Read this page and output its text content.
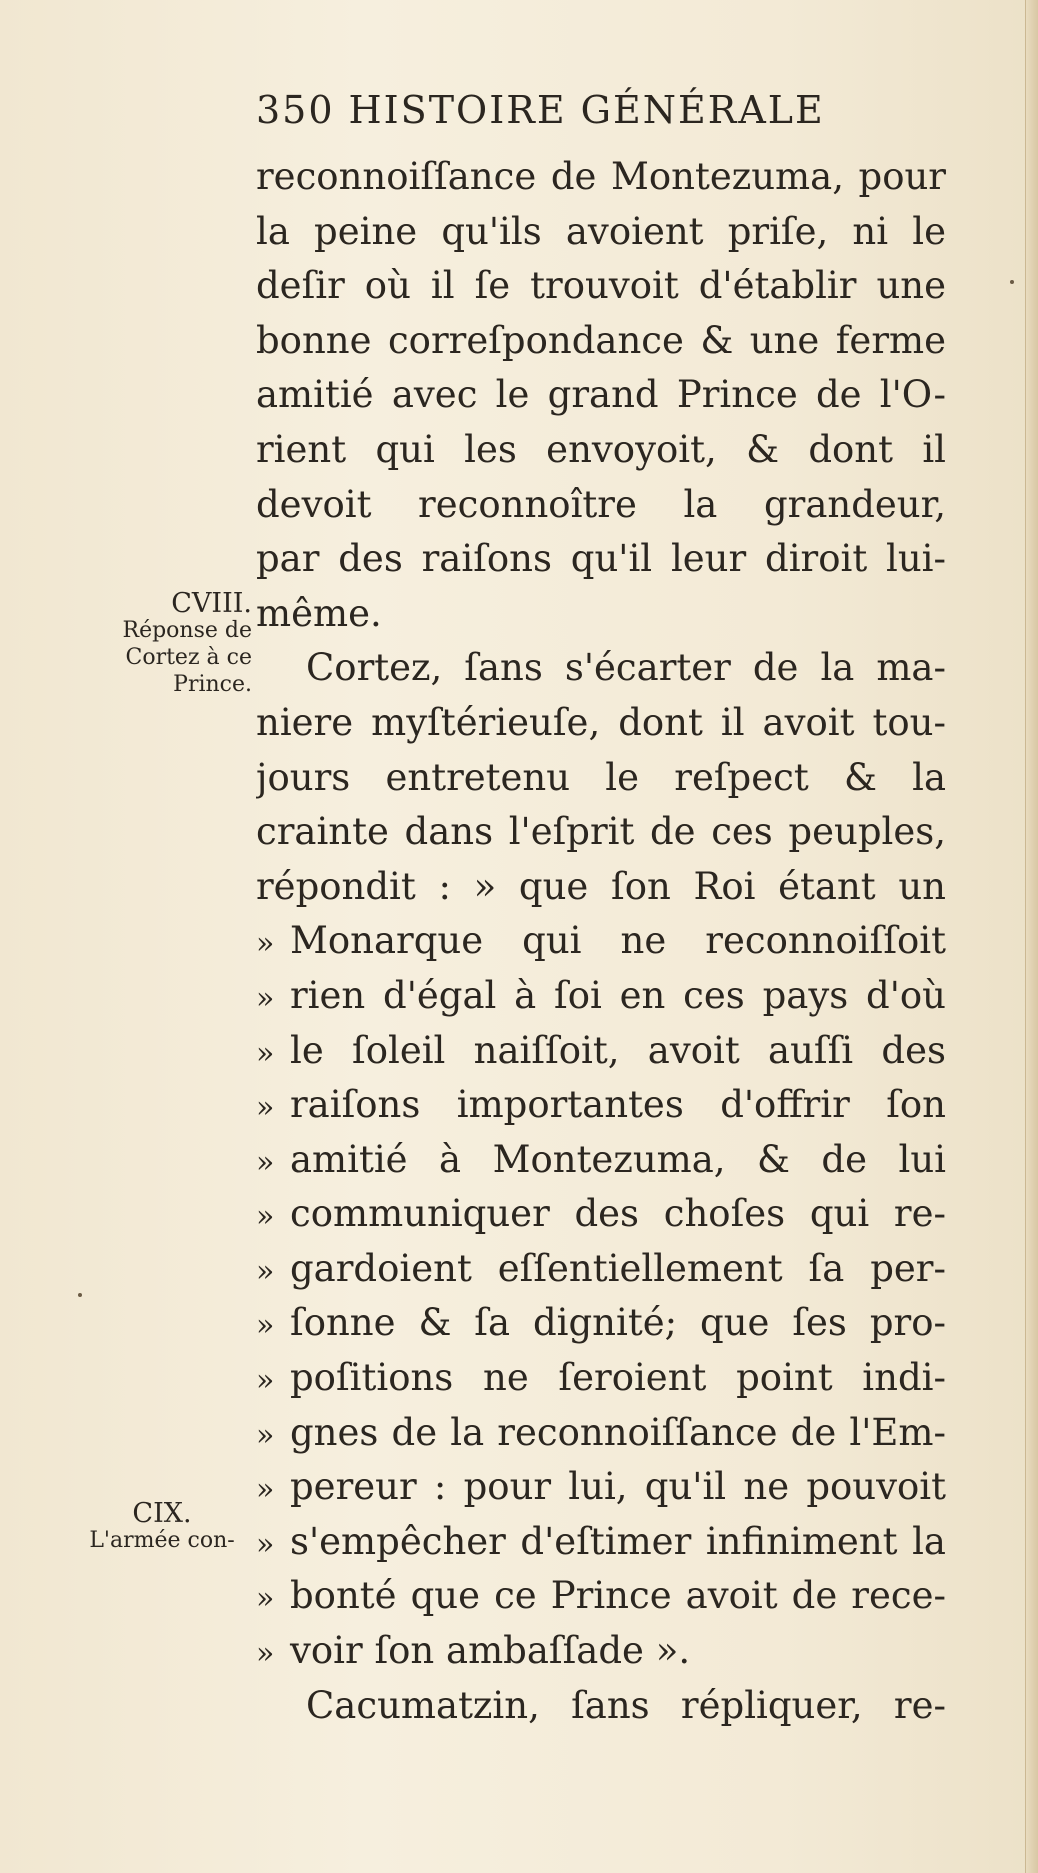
350 HISTOIRE GÉNÉRALE
reconnoiſſance de Montezuma, pour
la peine qu'ils avoient priſe, ni le
deſir où il ſe trouvoit d'établir une
bonne correſpondance & une ferme
amitié avec le grand Prince de l'O-
rient qui les envoyoit, & dont il
devoit reconnoître la grandeur,
par des raiſons qu'il leur diroit lui-
même.
Cortez, ſans s'écarter de la ma-
niere myſtérieuſe, dont il avoit tou-
jours entretenu le reſpect & la
crainte dans l'eſprit de ces peuples,
répondit : » que ſon Roi étant un
» Monarque qui ne reconnoiſſoit
» rien d'égal à ſoi en ces pays d'où
» le ſoleil naiſſoit, avoit auſſi des
» raiſons importantes d'offrir ſon
» amitié à Montezuma, & de lui
» communiquer des choſes qui re-
» gardoient eſſentiellement ſa per-
» ſonne & ſa dignité; que ſes pro-
» poſitions ne ſeroient point indi-
» gnes de la reconnoiſſance de l'Em-
» pereur : pour lui, qu'il ne pouvoit
» s'empêcher d'eſtimer infiniment la
» bonté que ce Prince avoit de rece-
» voir ſon ambaſſade ».
Cacumatzin, ſans répliquer, re-
CVIII.
Réponse de
Cortez à ce
Prince.
CIX.
L'armée con-
